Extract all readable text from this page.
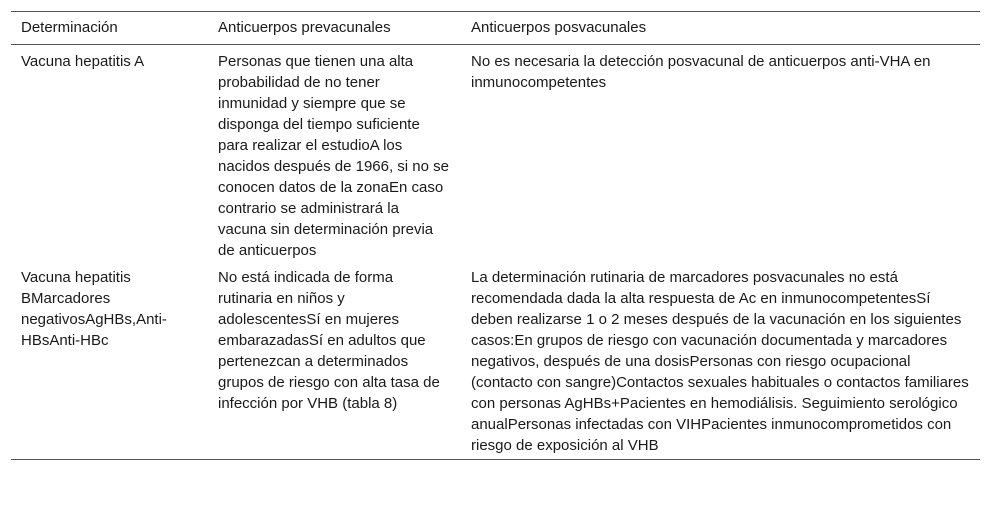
Determinación	Anticuerpos prevacunales	Anticuerpos posvacunales
Vacuna hepatitis A	Personas que tienen una alta probabilidad de no tener inmunidad y siempre que se disponga del tiempo suficiente para realizar el estudioA los nacidos después de 1966, si no se conocen datos de la zonaEn caso contrario se administrará la vacuna sin determinación previa de anticuerpos	No es necesaria la detección posvacunal de anticuerpos anti-VHA en inmunocompetentes
Vacuna hepatitis BMarcadores negativosAgHBs,Anti-HBsAnti-HBc	No está indicada de forma rutinaria en niños y adolescentesSí en mujeres embarazadasSí en adultos que pertenezcan a determinados grupos de riesgo con alta tasa de infección por VHB (tabla 8)	La determinación rutinaria de marcadores posvacunales no está recomendada dada la alta respuesta de Ac en inmunocompetentesSí deben realizarse 1 o 2 meses después de la vacunación en los siguientes casos:En grupos de riesgo con vacunación documentada y marcadores negativos, después de una dosisPersonas con riesgo ocupacional (contacto con sangre)Contactos sexuales habituales o contactos familiares con personas AgHBs+Pacientes en hemodiálisis. Seguimiento serológico anualPersonas infectadas con VIHPacientes inmunocomprometidos con riesgo de exposición al VHB
